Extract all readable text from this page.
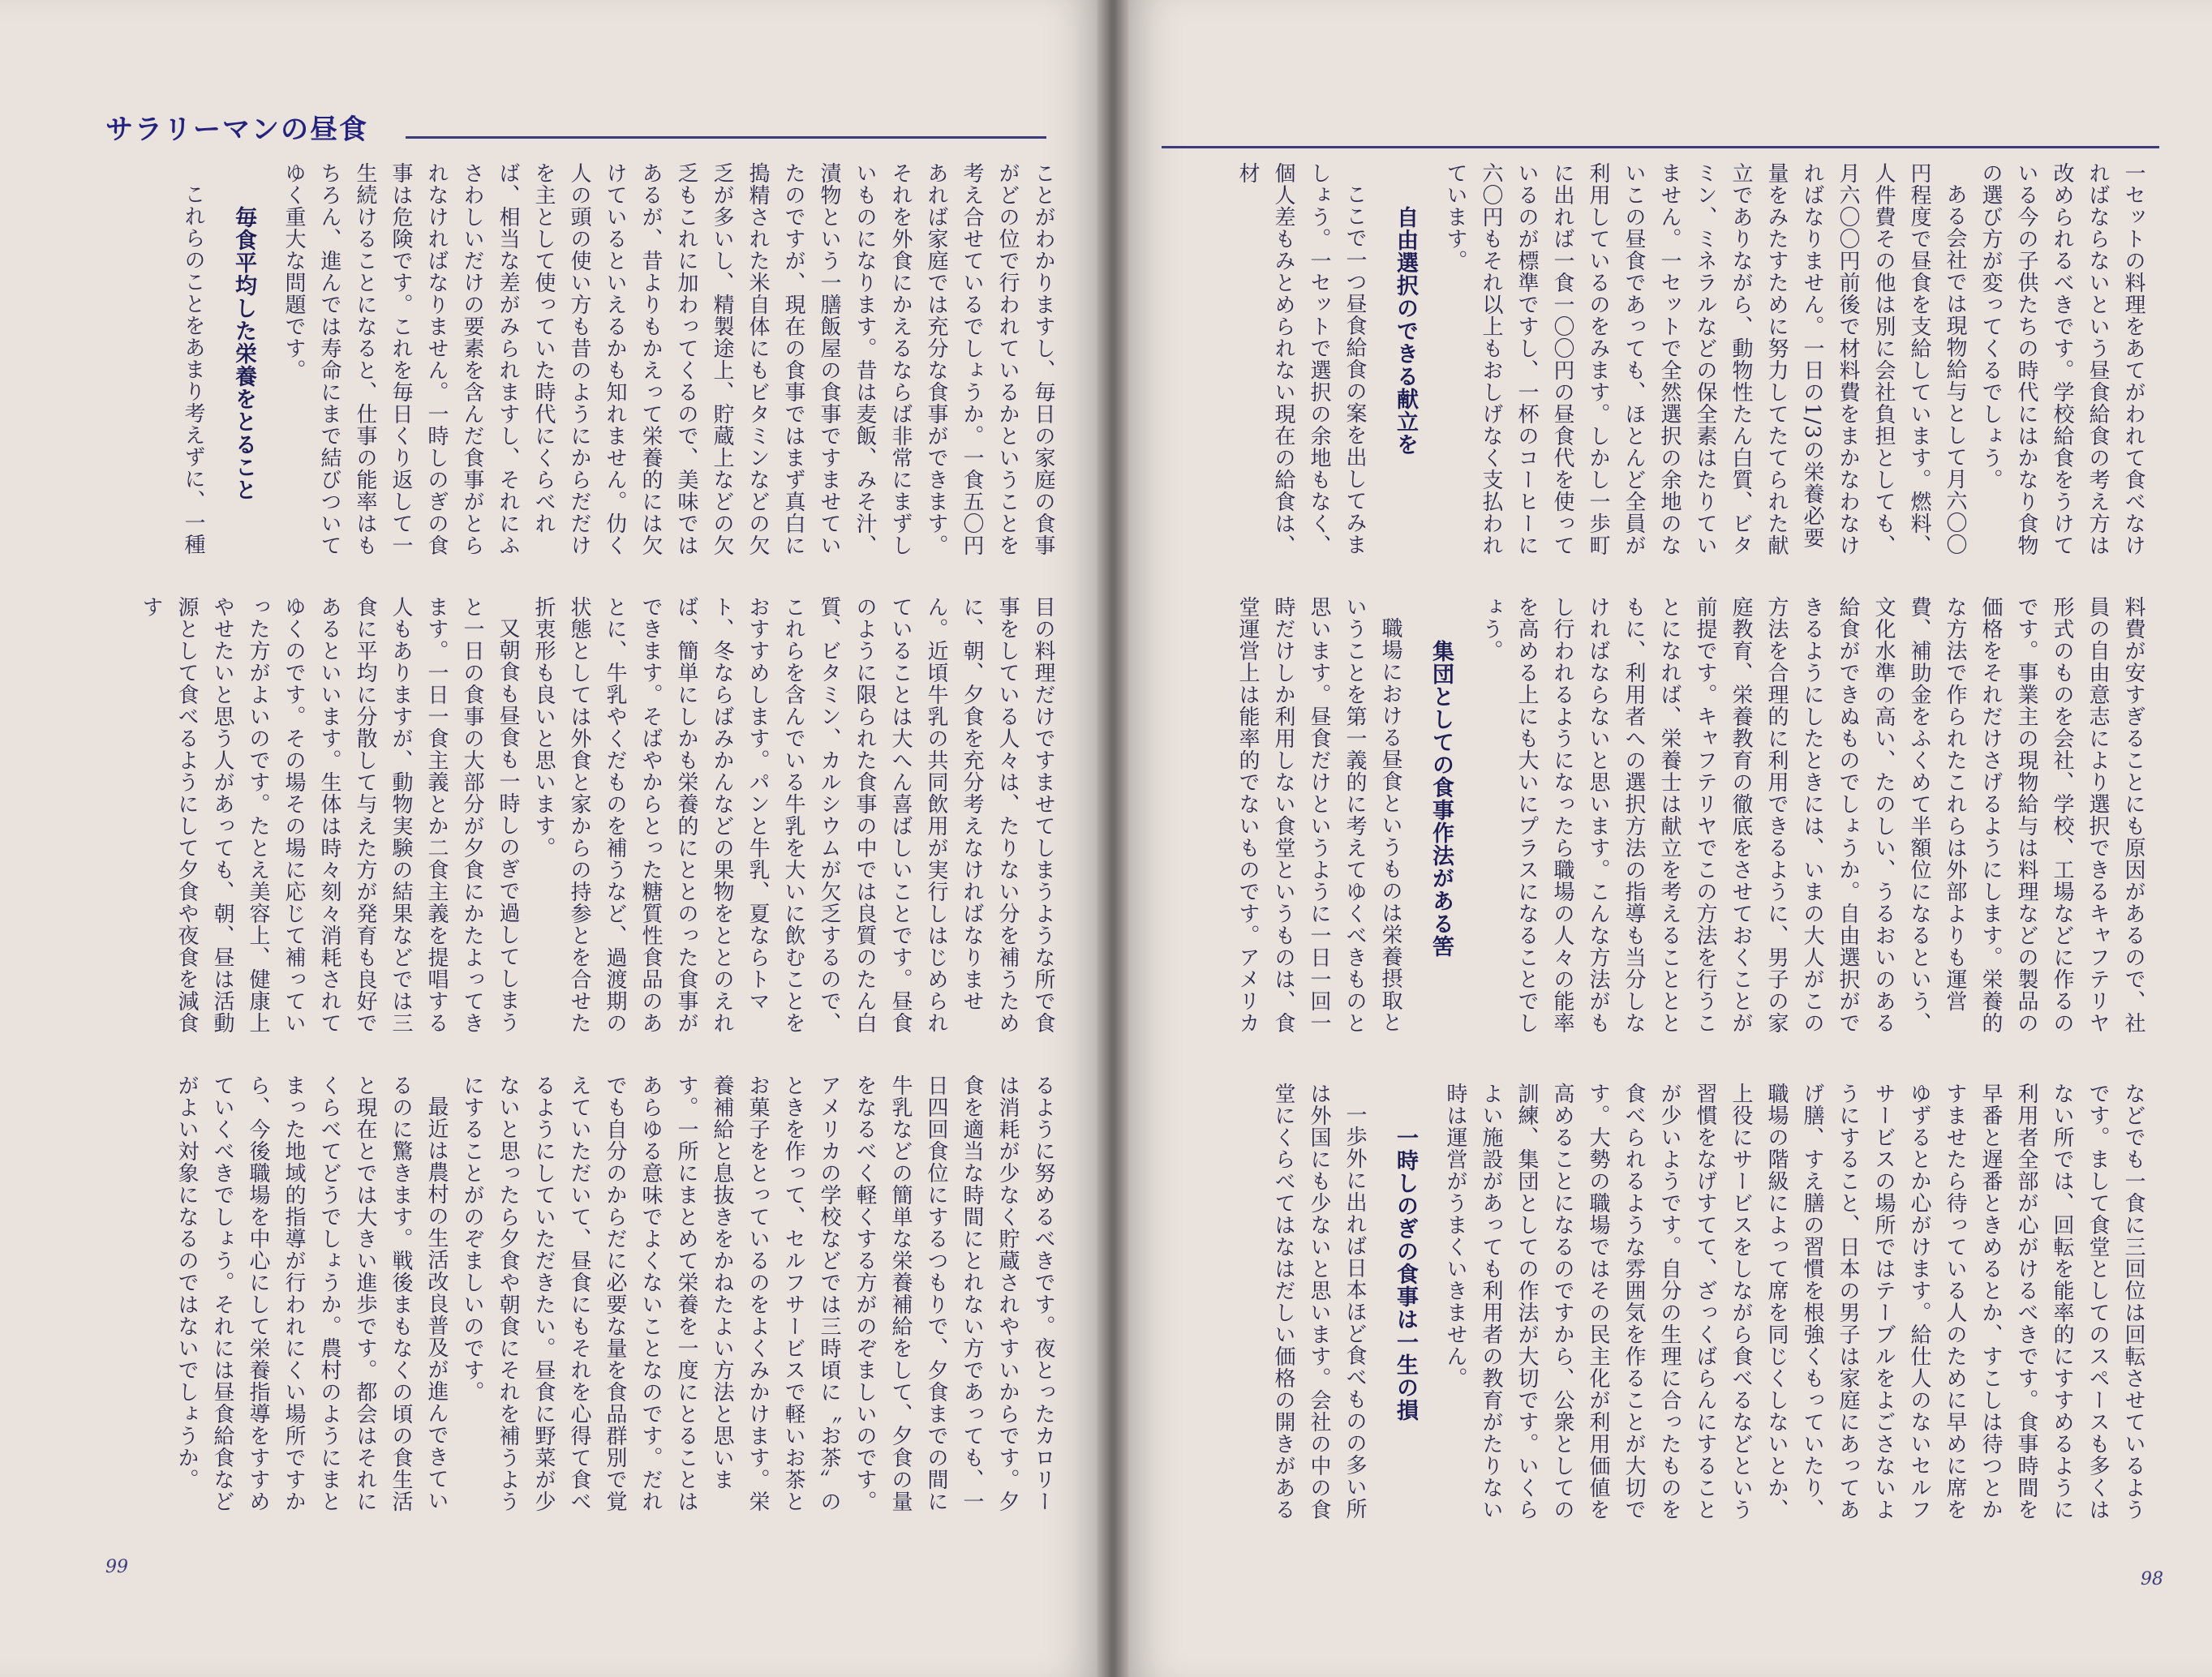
サラリーマンの昼食

ことがわかりますし、毎日の家庭の食事がどの位で行われているかということを考え合せているでしょうか。一食五〇円あれば家庭では充分な食事ができます。それを外食にかえるならば非常にまずしいものになります。昔は麦飯、みそ汁、漬物という一膳飯屋の食事ですませていたのですが、現在の食事ではまず真白に搗精された米自体にもビタミンなどの欠乏が多いし、精製途上、貯蔵上などの欠乏もこれに加わってくるので、美味ではあるが、昔よりもかえって栄養的には欠けているといえるかも知れません。仂く人の頭の使い方も昔のようにからだだけを主として使っていた時代にくらべれば、相当な差がみられますし、それにふさわしいだけの要素を含んだ食事がとられなければなりません。一時しのぎの食事は危険です。これを毎日くり返して一生続けることになると、仕事の能率はもちろん、進んでは寿命にまで結びついてゆく重大な問題です。

毎食平均した栄養をとること

これらのことをあまり考えずに、一種

目の料理だけですませてしまうような所で食事をしている人々は、たりない分を補うために、朝、夕食を充分考えなければなりません。近頃牛乳の共同飲用が実行しはじめられていることは大へん喜ばしいことです。昼食のように限られた食事の中では良質のたん白質、ビタミン、カルシウムが欠乏するので、これらを含んでいる牛乳を大いに飲むことをおすすめします。パンと牛乳、夏ならトマト、冬ならばみかんなどの果物をととのえれば、簡単にしかも栄養的にととのった食事ができます。そばやからとった糖質性食品のあとに、牛乳やくだものを補うなど、過渡期の状態としては外食と家からの持参とを合せた折衷形も良いと思います。

又朝食も昼食も一時しのぎで過してしまうと一日の食事の大部分が夕食にかたよってきます。一日一食主義とか二食主義を提唱する人もありますが、動物実験の結果などでは三食に平均に分散して与えた方が発育も良好であるといいます。生体は時々刻々消耗されてゆくのです。その場その場に応じて補っていった方がよいのです。たとえ美容上、健康上やせたいと思う人があっても、朝、昼は活動源として食べるようにして夕食や夜食を減食す

るように努めるべきです。夜とったカロリーは消耗が少なく貯蔵されやすいからです。夕食を適当な時間にとれない方であっても、一日四回食位にするつもりで、夕食までの間に牛乳などの簡単な栄養補給をして、夕食の量をなるべく軽くする方がのぞましいのです。アメリカの学校などでは三時頃に〝お茶〟のときを作って、セルフサービスで軽いお茶とお菓子をとっているのをよくみかけます。栄養補給と息抜きをかねたよい方法と思います。一所にまとめて栄養を一度にとることはあらゆる意味でよくないことなのです。だれでも自分のからだに必要な量を食品群別で覚えていただいて、昼食にもそれを心得て食べるようにしていただきたい。昼食に野菜が少ないと思ったら夕食や朝食にそれを補うようにすることがのぞましいのです。

最近は農村の生活改良普及が進んできているのに驚きます。戦後まもなくの頃の食生活と現在とでは大きい進歩です。都会はそれにくらべてどうでしょうか。農村のようにまとまった地域的指導が行われにくい場所ですから、今後職場を中心にして栄養指導をすすめていくべきでしょう。それには昼食給食などがよい対象になるのではないでしょうか。

99

一セットの料理をあてがわれて食べなければならないという昼食給食の考え方は改められるべきです。学校給食をうけている今の子供たちの時代にはかなり食物の選び方が変ってくるでしょう。

ある会社では現物給与として月六〇〇円程度で昼食を支給しています。燃料、人件費その他は別に会社負担としても、月六〇〇円前後で材料費をまかなわなければなりません。一日の1/3の栄養必要量をみたすために努力してたてられた献立でありながら、動物性たん白質、ビタミン、ミネラルなどの保全素はたりていません。一セットで全然選択の余地のないこの昼食であっても、ほとんど全員が利用しているのをみます。しかし一歩町に出れば一食一〇〇円の昼食代を使っているのが標準ですし、一杯のコーヒーに六〇円もそれ以上もおしげなく支払われています。

自由選択のできる献立を

ここで一つ昼食給食の案を出してみましょう。一セットで選択の余地もなく、個人差もみとめられない現在の給食は、材

料費が安すぎることにも原因があるので、社員の自由意志により選択できるキャフテリヤ形式のものを会社、学校、工場などに作るのです。事業主の現物給与は料理などの製品の価格をそれだけさげるようにします。栄養的な方法で作られたこれらは外部よりも運営費、補助金をふくめて半額位になるという、文化水準の高い、たのしい、うるおいのある給食ができぬものでしょうか。自由選択ができるようにしたときには、いまの大人がこの方法を合理的に利用できるように、男子の家庭教育、栄養教育の徹底をさせておくことが前提です。キャフテリヤでこの方法を行うことになれば、栄養士は献立を考えることとともに、利用者への選択方法の指導も当分しなければならないと思います。こんな方法がもし行われるようになったら職場の人々の能率を高める上にも大いにプラスになることでしょう。

集団としての食事作法がある筈

職場における昼食というものは栄養摂取ということを第一義的に考えてゆくべきものと思います。昼食だけというように一日一回一時だけしか利用しない食堂というものは、食堂運営上は能率的でないものです。アメリカ

などでも一食に三回位は回転させているようです。まして食堂としてのスペースも多くはない所では、回転を能率的にすすめるように利用者全部が心がけるべきです。食事時間を早番と遅番ときめるとか、すこしは待つとかすませたら待っている人のために早めに席をゆずるとか心がけます。給仕人のないセルフサービスの場所ではテーブルをよごさないようにすること、日本の男子は家庭にあってあげ膳、すえ膳の習慣を根強くもっていたり、職場の階級によって席を同じくしないとか、上役にサービスをしながら食べるなどという習慣をなげすてて、ざっくばらんにすることが少いようです。自分の生理に合ったものを食べられるような雰囲気を作ることが大切です。大勢の職場ではその民主化が利用価値を高めることになるのですから、公衆としての訓練、集団としての作法が大切です。いくらよい施設があっても利用者の教育がたりない時は運営がうまくいきません。

一時しのぎの食事は一生の損

一歩外に出れば日本ほど食べものの多い所は外国にも少ないと思います。会社の中の食堂にくらべてはなはだしい価格の開きがある

98
